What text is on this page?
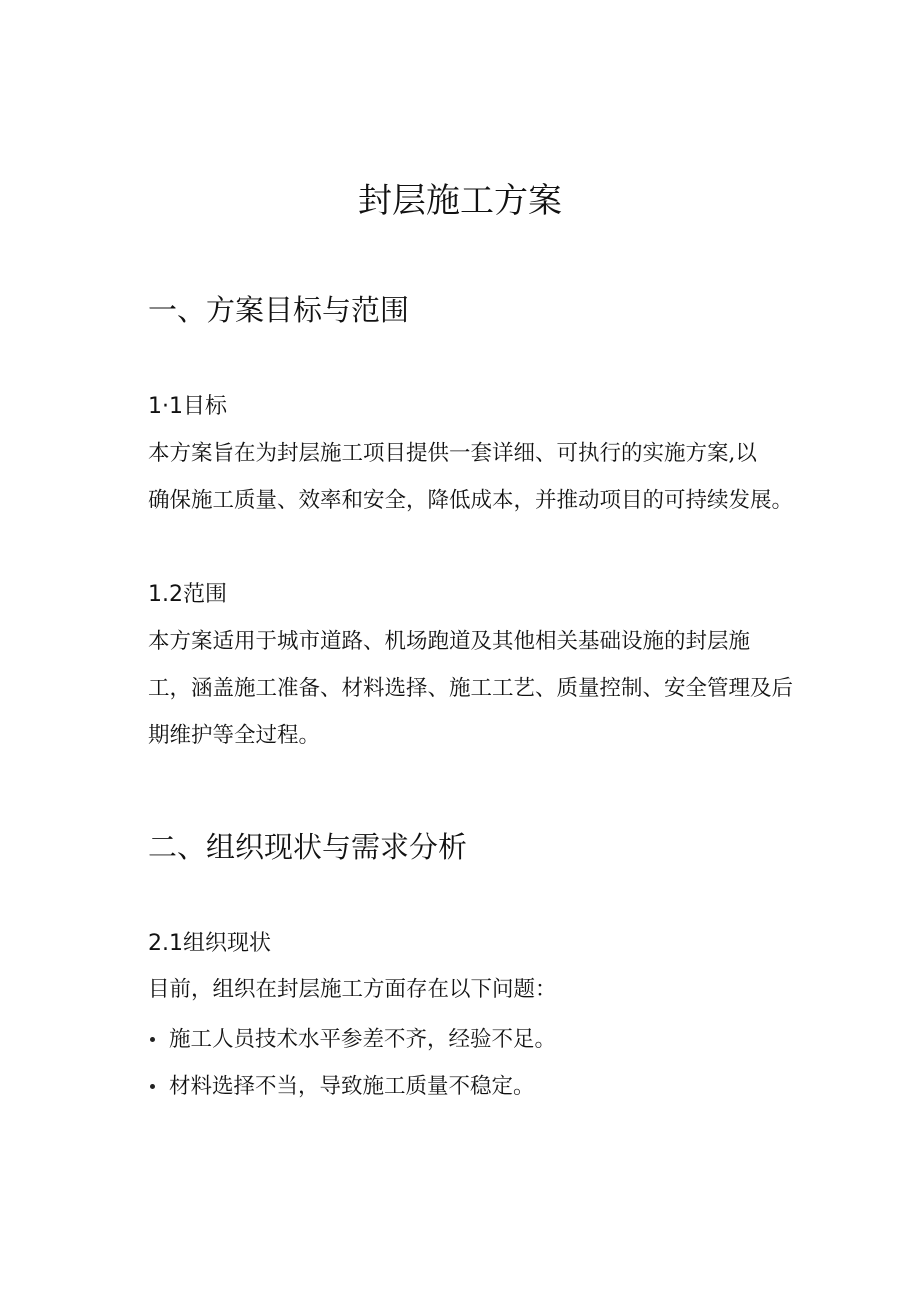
封层施工方案
一、方案目标与范围
1·1目标

本方案旨在为封层施工项目提供一套详细、可执行的实施方案,以
确保施工质量、效率和安全，降低成本，并推动项目的可持续发展。

1.2范围

本方案适用于城市道路、机场跑道及其他相关基础设施的封层施
工，涵盖施工准备、材料选择、施工工艺、质量控制、安全管理及后
期维护等全过程。

二、组织现状与需求分析
2.1组织现状

目前，组织在封层施工方面存在以下问题：

施工人员技术水平参差不齐，经验不足。
材料选择不当，导致施工质量不稳定。
